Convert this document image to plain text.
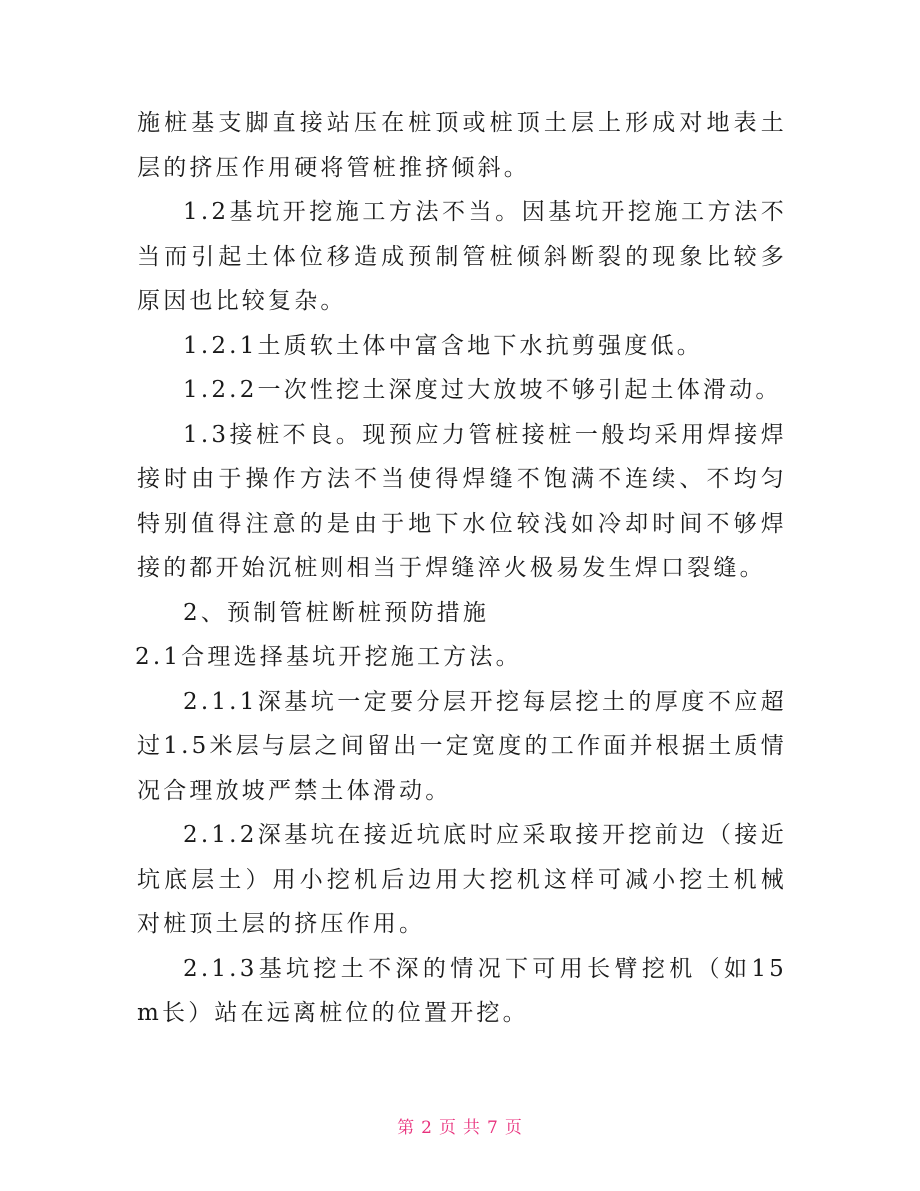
施桩基支脚直接站压在桩顶或桩顶土层上形成对地表土层的挤压作用硬将管桩推挤倾斜。

1.2基坑开挖施工方法不当。因基坑开挖施工方法不当而引起土体位移造成预制管桩倾斜断裂的现象比较多原因也比较复杂。

1.2.1土质软土体中富含地下水抗剪强度低。

1.2.2一次性挖土深度过大放坡不够引起土体滑动。

1.3接桩不良。现预应力管桩接桩一般均采用焊接焊接时由于操作方法不当使得焊缝不饱满不连续、不均匀特别值得注意的是由于地下水位较浅如冷却时间不够焊接的都开始沉桩则相当于焊缝淬火极易发生焊口裂缝。

2、预制管桩断桩预防措施

2.1合理选择基坑开挖施工方法。

2.1.1深基坑一定要分层开挖每层挖土的厚度不应超过1.5米层与层之间留出一定宽度的工作面并根据土质情况合理放坡严禁土体滑动。

2.1.2深基坑在接近坑底时应采取接开挖前边（接近坑底层土）用小挖机后边用大挖机这样可减小挖土机械对桩顶土层的挤压作用。

2.1.3基坑挖土不深的情况下可用长臂挖机（如15m长）站在远离桩位的位置开挖。

第 2 页 共 7 页
